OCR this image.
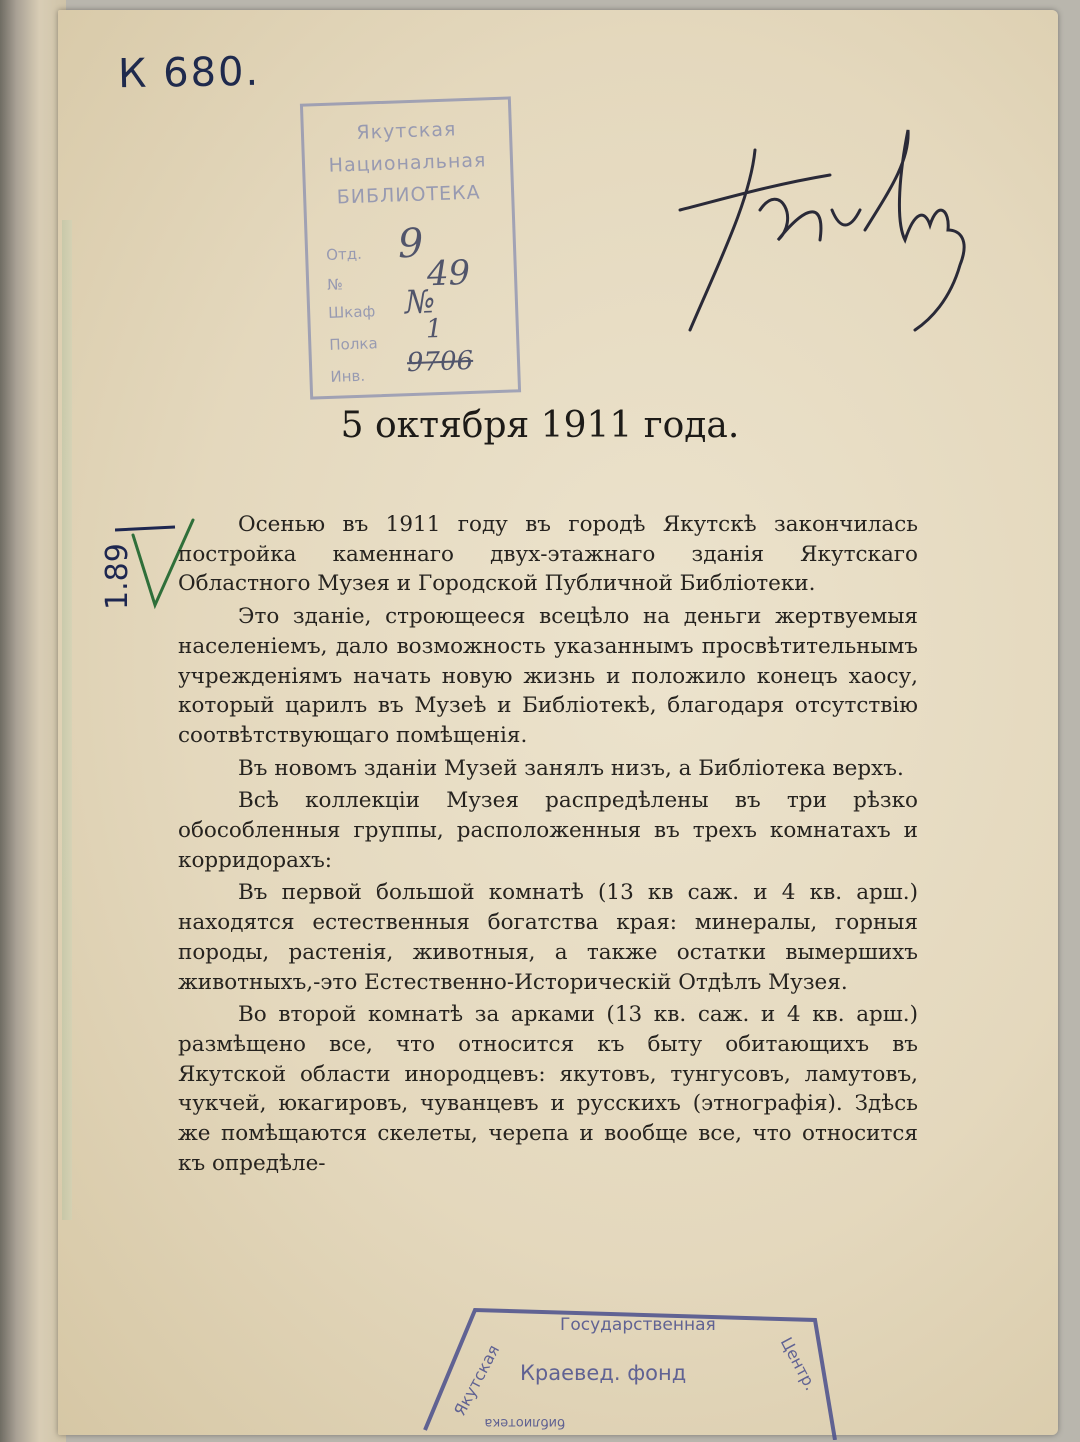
К 680.
Якутская
Национальная
БИБЛИОТЕКА
Отд. 9
№ 49
Шкаф №
Полка 1
Инв. 9706
5 октября 1911 года.
1.89

Осенью въ 1911 году въ городѣ Якутскѣ закончилась постройка каменнаго двух-этажнаго зданія Якутскаго Областного Музея и Городской Публичной Библіотеки.

Это зданіе, строющееся всецѣло на деньги жертвуемыя населеніемъ, дало возможность указаннымъ просвѣтительнымъ учрежденіямъ начать новую жизнь и положило конецъ хаосу, который царилъ въ Музеѣ и Библіотекѣ, благодаря отсутствію соотвѣтствующаго помѣщенія.

Въ новомъ зданіи Музей занялъ низъ, а Библіотека верхъ.

Всѣ коллекціи Музея распредѣлены въ три рѣзко обособленныя группы, расположенныя въ трехъ комнатахъ и корридорахъ:

Въ первой большой комнатѣ (13 кв саж. и 4 кв. арш.) находятся естественныя богатства края: минералы, горныя породы, растенія, животныя, а также остатки вымершихъ животныхъ,-это Естественно-Историческій Отдѣлъ Музея.

Во второй комнатѣ за арками (13 кв. саж. и 4 кв. арш.) размѣщено все, что относится къ быту обитающихъ въ Якутской области инородцевъ: якутовъ, тунгусовъ, ламутовъ, чукчей, юкагировъ, чуванцевъ и русскихъ (этнографія). Здѣсь же помѣщаются скелеты, черепа и вообще все, что относится къ опредѣле-

Государственная
Краевед. фонд
Якутская	Центр.
библиотека
